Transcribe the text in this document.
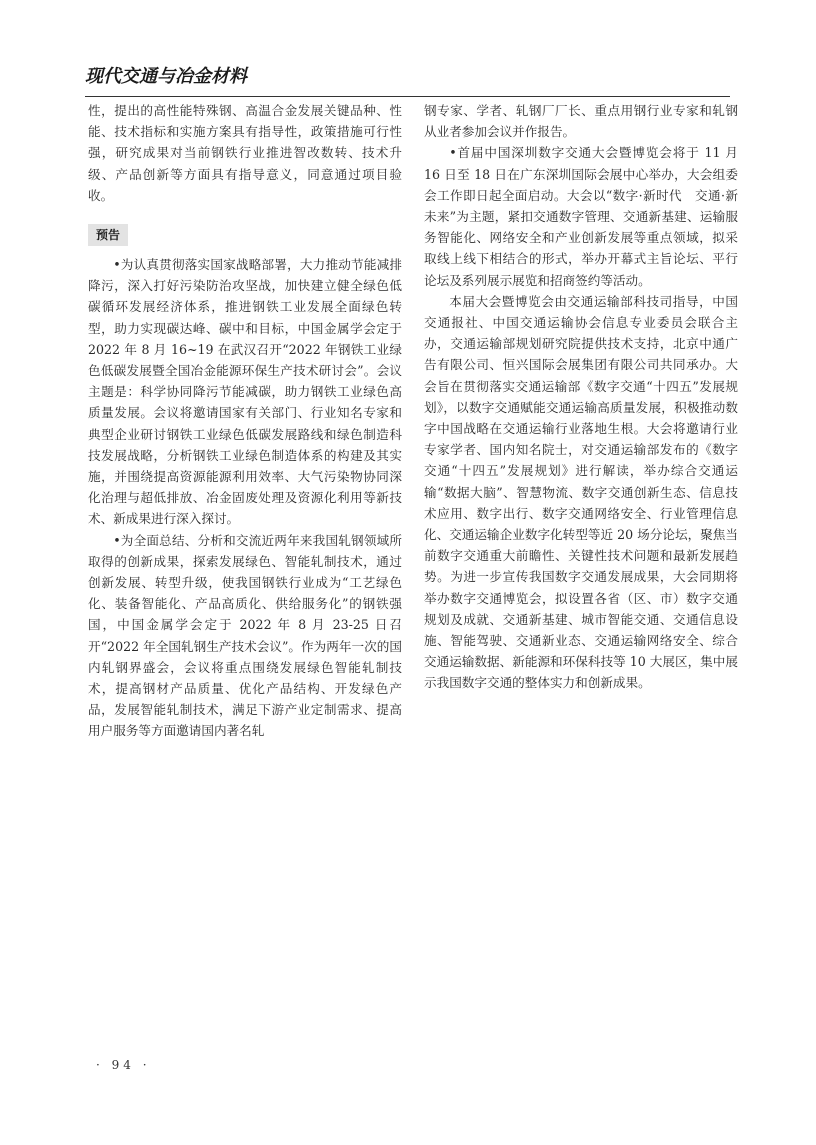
现代交通与冶金材料

性，提出的高性能特殊钢、高温合金发展关键品种、性能、技术指标和实施方案具有指导性，政策措施可行性强，研究成果对当前钢铁行业推进智改数转、技术升级、产品创新等方面具有指导意义，同意通过项目验收。

预告

•为认真贯彻落实国家战略部署，大力推动节能减排降污，深入打好污染防治攻坚战，加快建立健全绿色低碳循环发展经济体系，推进钢铁工业发展全面绿色转型，助力实现碳达峰、碳中和目标，中国金属学会定于 2022 年 8 月 16~19 在武汉召开“2022 年钢铁工业绿色低碳发展暨全国冶金能源环保生产技术研讨会”。会议主题是：科学协同降污节能减碳，助力钢铁工业绿色高质量发展。会议将邀请国家有关部门、行业知名专家和典型企业研讨钢铁工业绿色低碳发展路线和绿色制造科技发展战略，分析钢铁工业绿色制造体系的构建及其实施，并围绕提高资源能源利用效率、大气污染物协同深化治理与超低排放、冶金固废处理及资源化利用等新技术、新成果进行深入探讨。

•为全面总结、分析和交流近两年来我国轧钢领域所取得的创新成果，探索发展绿色、智能轧制技术，通过创新发展、转型升级，使我国钢铁行业成为“工艺绿色化、装备智能化、产品高质化、供给服务化”的钢铁强国，中国金属学会定于 2022 年 8 月 23-25 日召开“2022 年全国轧钢生产技术会议”。作为两年一次的国内轧钢界盛会，会议将重点围绕发展绿色智能轧制技术，提高钢材产品质量、优化产品结构、开发绿色产品，发展智能轧制技术，满足下游产业定制需求、提高用户服务等方面邀请国内著名轧

钢专家、学者、轧钢厂厂长、重点用钢行业专家和轧钢从业者参加会议并作报告。

•首届中国深圳数字交通大会暨博览会将于 11 月 16 日至 18 日在广东深圳国际会展中心举办，大会组委会工作即日起全面启动。大会以“数字·新时代　交通·新未来”为主题，紧扣交通数字管理、交通新基建、运输服务智能化、网络安全和产业创新发展等重点领域，拟采取线上线下相结合的形式，举办开幕式主旨论坛、平行论坛及系列展示展览和招商签约等活动。

本届大会暨博览会由交通运输部科技司指导，中国交通报社、中国交通运输协会信息专业委员会联合主办，交通运输部规划研究院提供技术支持，北京中通广告有限公司、恒兴国际会展集团有限公司共同承办。大会旨在贯彻落实交通运输部《数字交通“十四五”发展规划》，以数字交通赋能交通运输高质量发展，积极推动数字中国战略在交通运输行业落地生根。大会将邀请行业专家学者、国内知名院士，对交通运输部发布的《数字交通“十四五”发展规划》进行解读，举办综合交通运输“数据大脑”、智慧物流、数字交通创新生态、信息技术应用、数字出行、数字交通网络安全、行业管理信息化、交通运输企业数字化转型等近 20 场分论坛，聚焦当前数字交通重大前瞻性、关键性技术问题和最新发展趋势。为进一步宣传我国数字交通发展成果，大会同期将举办数字交通博览会，拟设置各省（区、市）数字交通规划及成就、交通新基建、城市智能交通、交通信息设施、智能驾驶、交通新业态、交通运输网络安全、综合交通运输数据、新能源和环保科技等 10 大展区，集中展示我国数字交通的整体实力和创新成果。

· 94 ·
